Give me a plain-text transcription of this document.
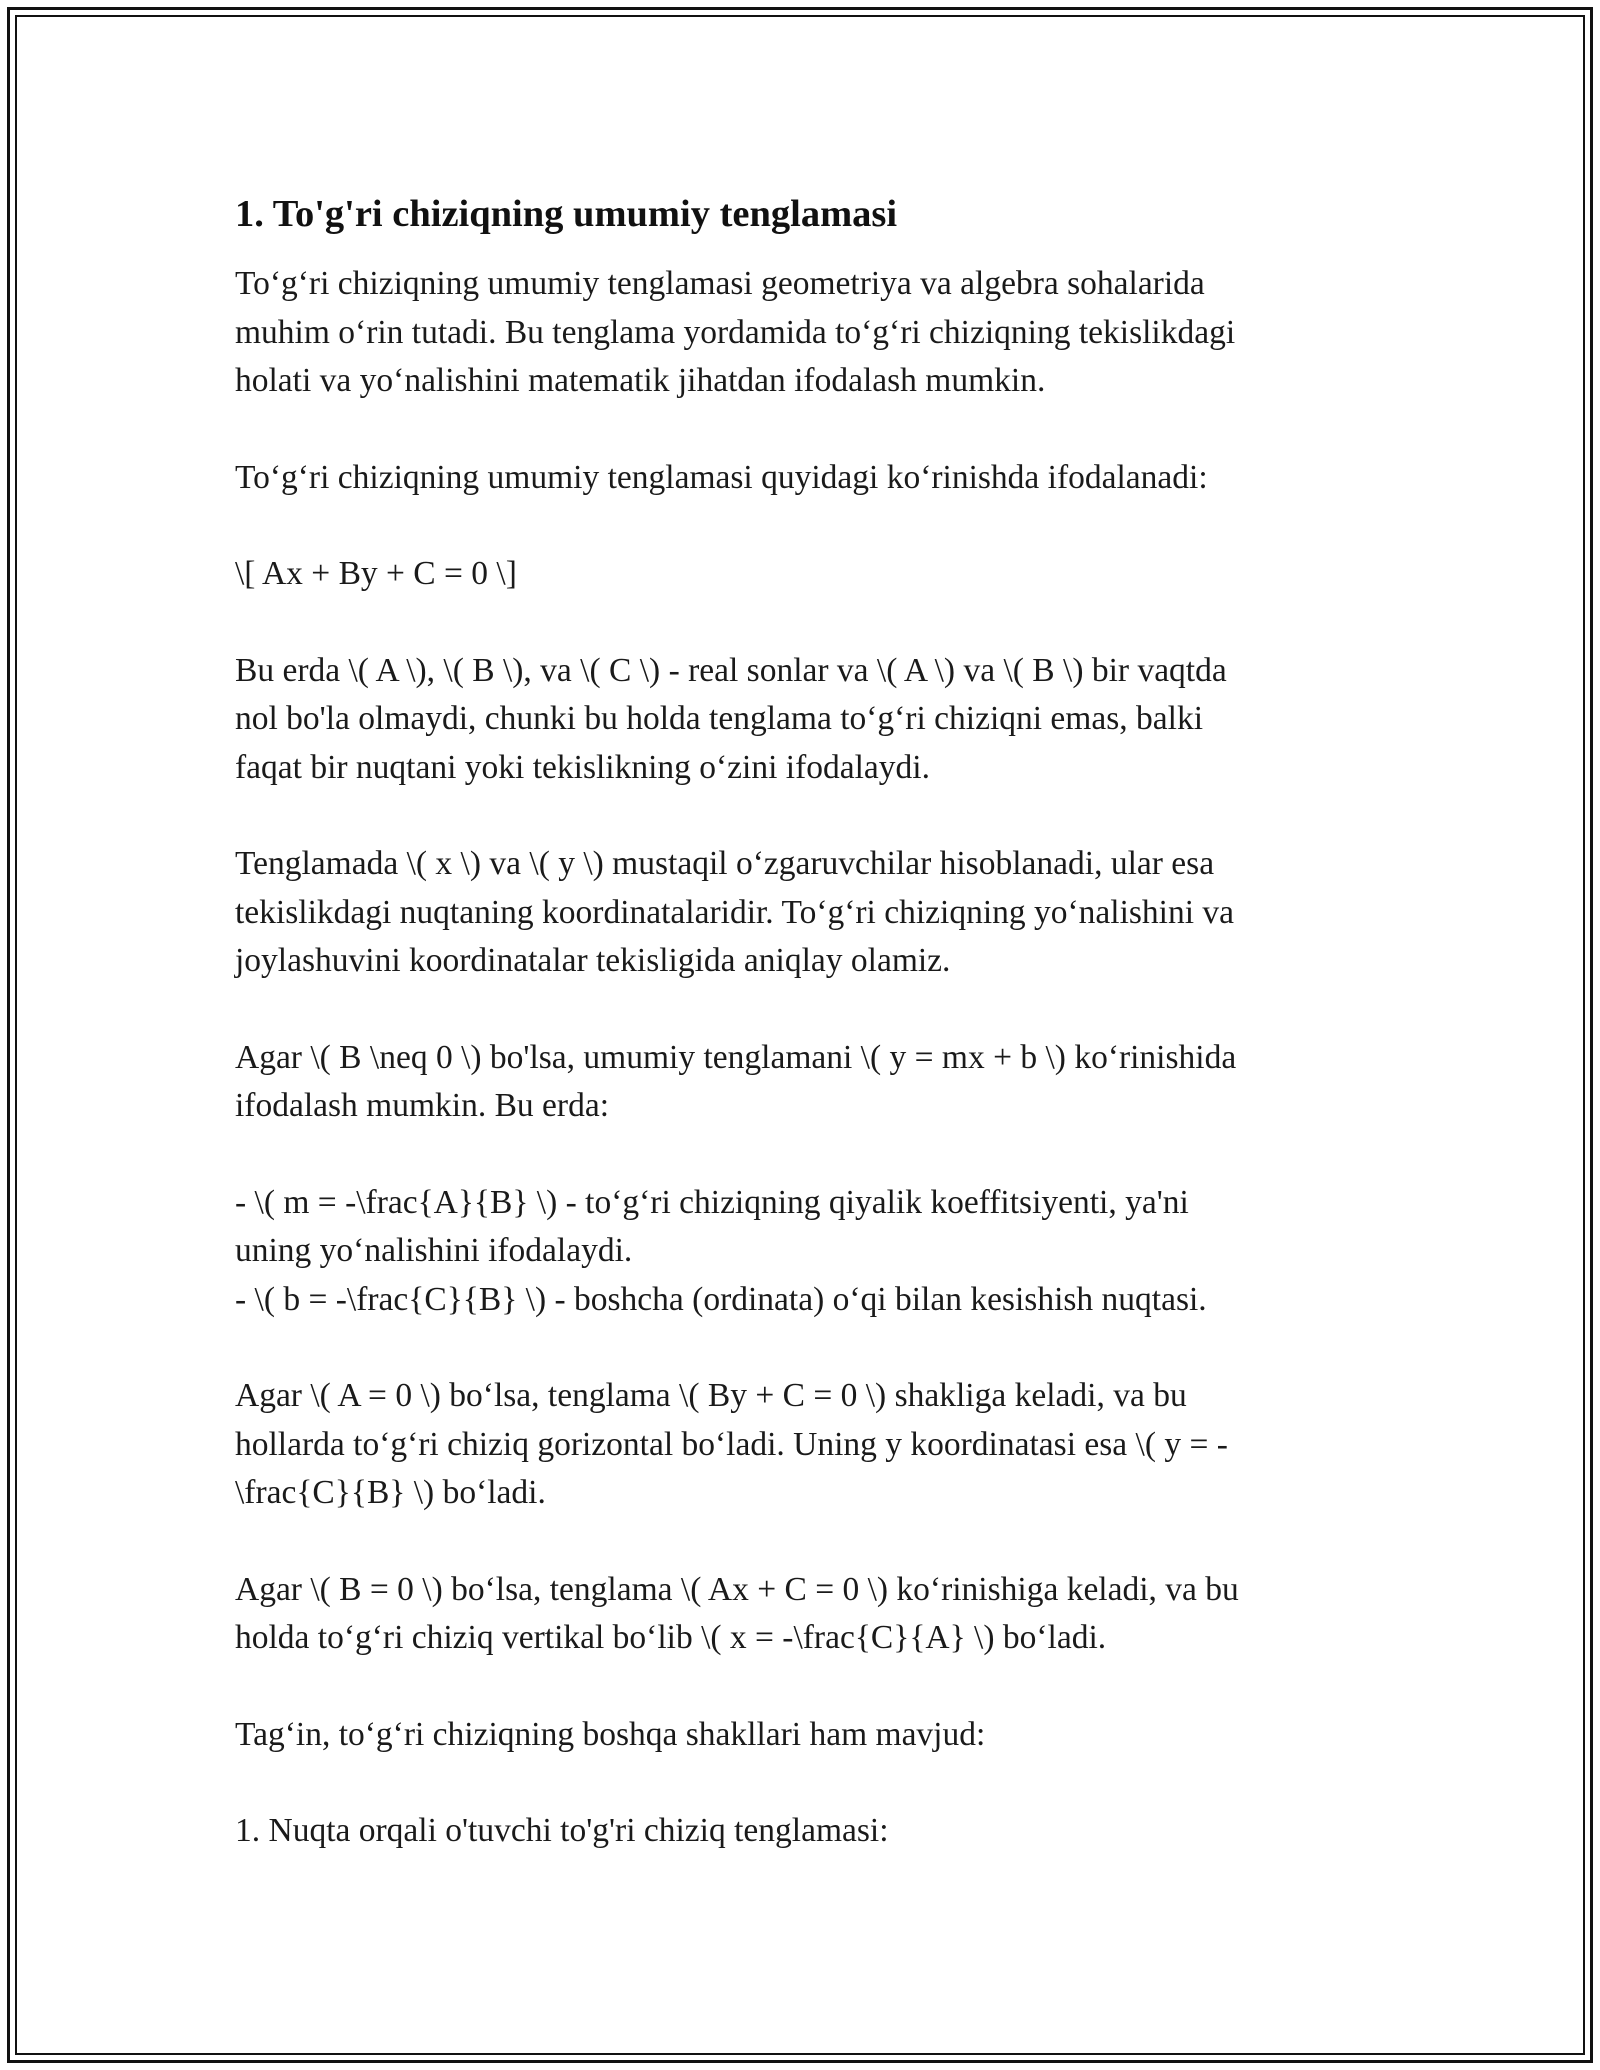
1. To'g'ri chiziqning umumiy tenglamasi

To‘g‘ri chiziqning umumiy tenglamasi geometriya va algebra sohalarida
muhim o‘rin tutadi. Bu tenglama yordamida to‘g‘ri chiziqning tekislikdagi
holati va yo‘nalishini matematik jihatdan ifodalash mumkin.

To‘g‘ri chiziqning umumiy tenglamasi quyidagi ko‘rinishda ifodalanadi:

\[ Ax + By + C = 0 \]

Bu erda \( A \), \( B \), va \( C \) - real sonlar va \( A \) va \( B \) bir vaqtda
nol bo'la olmaydi, chunki bu holda tenglama to‘g‘ri chiziqni emas, balki
faqat bir nuqtani yoki tekislikning o‘zini ifodalaydi.

Tenglamada \( x \) va \( y \) mustaqil o‘zgaruvchilar hisoblanadi, ular esa
tekislikdagi nuqtaning koordinatalaridir. To‘g‘ri chiziqning yo‘nalishini va
joylashuvini koordinatalar tekisligida aniqlay olamiz.

Agar \( B \neq 0 \) bo'lsa, umumiy tenglamani \( y = mx + b \) ko‘rinishida
ifodalash mumkin. Bu erda:

- \( m = -\frac{A}{B} \) - to‘g‘ri chiziqning qiyalik koeffitsiyenti, ya'ni
uning yo‘nalishini ifodalaydi.
- \( b = -\frac{C}{B} \) - boshcha (ordinata) o‘qi bilan kesishish nuqtasi.

Agar \( A = 0 \) bo‘lsa, tenglama \( By + C = 0 \) shakliga keladi, va bu
hollarda to‘g‘ri chiziq gorizontal bo‘ladi. Uning y koordinatasi esa \( y = -
\frac{C}{B} \) bo‘ladi.

Agar \( B = 0 \) bo‘lsa, tenglama \( Ax + C = 0 \) ko‘rinishiga keladi, va bu
holda to‘g‘ri chiziq vertikal bo‘lib \( x = -\frac{C}{A} \) bo‘ladi.

Tag‘in, to‘g‘ri chiziqning boshqa shakllari ham mavjud:

1. Nuqta orqali o'tuvchi to'g'ri chiziq tenglamasi:
